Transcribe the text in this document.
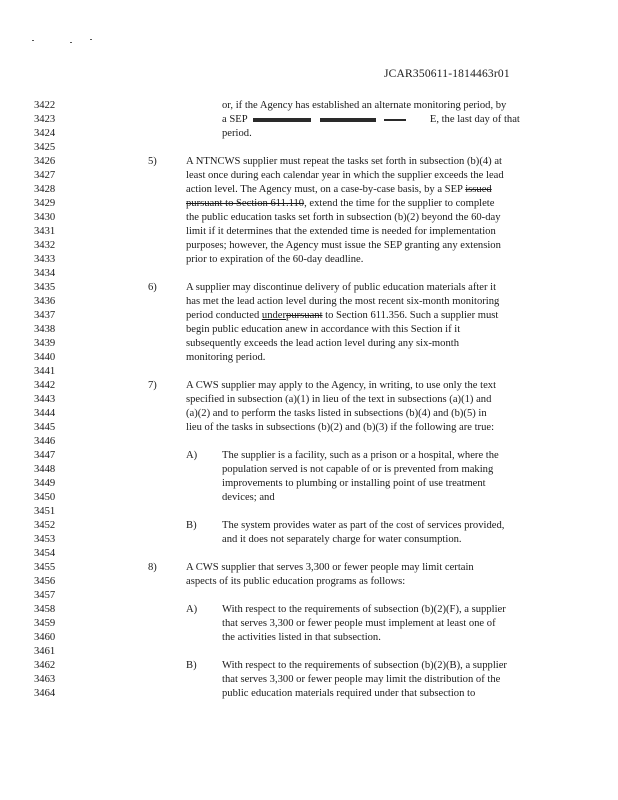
JCAR350611-1814463r01
3422	or, if the Agency has established an alternate monitoring period, by
3423	a SEP	E, the last day of that
3424	period.
3425
3426	5)	A NTNCWS supplier must repeat the tasks set forth in subsection (b)(4) at
3427	least once during each calendar year in which the supplier exceeds the lead
3428	action level. The Agency must, on a case-by-case basis, by a SEP issued
3429	pursuant to Section 611.110, extend the time for the supplier to complete
3430	the public education tasks set forth in subsection (b)(2) beyond the 60-day
3431	limit if it determines that the extended time is needed for implementation
3432	purposes; however, the Agency must issue the SEP granting any extension
3433	prior to expiration of the 60-day deadline.
3434
3435	6)	A supplier may discontinue delivery of public education materials after it
3436	has met the lead action level during the most recent six-month monitoring
3437	period conducted underpursuant to Section 611.356. Such a supplier must
3438	begin public education anew in accordance with this Section if it
3439	subsequently exceeds the lead action level during any six-month
3440	monitoring period.
3441
3442	7)	A CWS supplier may apply to the Agency, in writing, to use only the text
3443	specified in subsection (a)(1) in lieu of the text in subsections (a)(1) and
3444	(a)(2) and to perform the tasks listed in subsections (b)(4) and (b)(5) in
3445	lieu of the tasks in subsections (b)(2) and (b)(3) if the following are true:
3446
3447	A) The supplier is a facility, such as a prison or a hospital, where the
3448	population served is not capable of or is prevented from making
3449	improvements to plumbing or installing point of use treatment
3450	devices; and
3451
3452	B) The system provides water as part of the cost of services provided,
3453	and it does not separately charge for water consumption.
3454
3455	8)	A CWS supplier that serves 3,300 or fewer people may limit certain
3456	aspects of its public education programs as follows:
3457
3458	A) With respect to the requirements of subsection (b)(2)(F), a supplier
3459	that serves 3,300 or fewer people must implement at least one of
3460	the activities listed in that subsection.
3461
3462	B) With respect to the requirements of subsection (b)(2)(B), a supplier
3463	that serves 3,300 or fewer people may limit the distribution of the
3464	public education materials required under that subsection to
